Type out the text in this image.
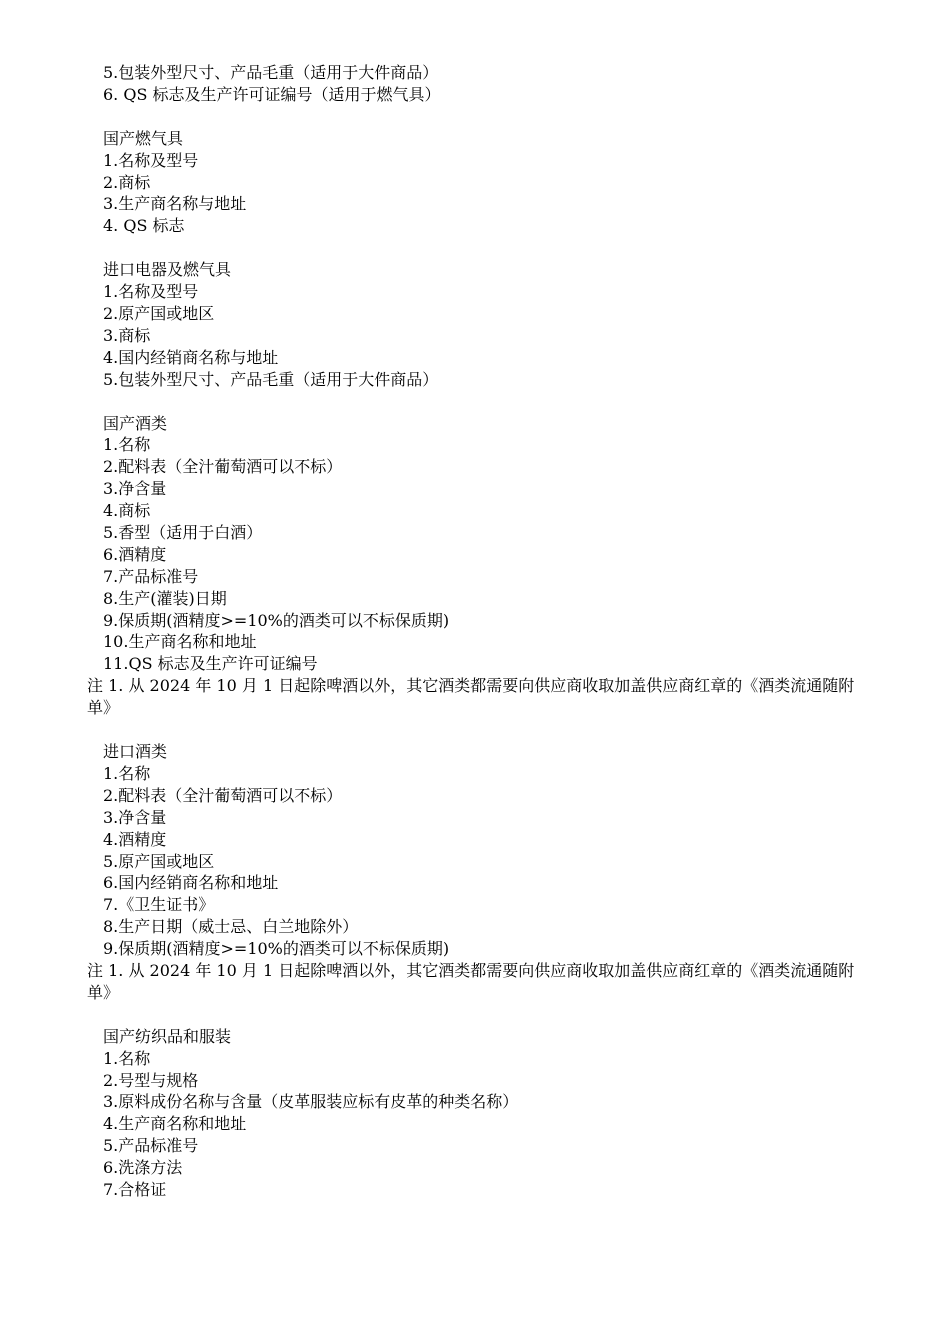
5.包装外型尺寸、产品毛重（适用于大件商品）
6. QS 标志及生产许可证编号（适用于燃气具）
国产燃气具
1.名称及型号
2.商标
3.生产商名称与地址
4. QS 标志
进口电器及燃气具
1.名称及型号
2.原产国或地区
3.商标
4.国内经销商名称与地址
5.包装外型尺寸、产品毛重（适用于大件商品）
国产酒类
1.名称
2.配料表（全汁葡萄酒可以不标）
3.净含量
4.商标
5.香型（适用于白酒）
6.酒精度
7.产品标准号
8.生产(灌装)日期
9.保质期(酒精度>=10%的酒类可以不标保质期)
10.生产商名称和地址
11.QS 标志及生产许可证编号
注 1. 从 2024 年 10 月 1 日起除啤酒以外，其它酒类都需要向供应商收取加盖供应商红章的《酒类流通随附单》
进口酒类
1.名称
2.配料表（全汁葡萄酒可以不标）
3.净含量
4.酒精度
5.原产国或地区
6.国内经销商名称和地址
7.《卫生证书》
8.生产日期（威士忌、白兰地除外）
9.保质期(酒精度>=10%的酒类可以不标保质期)
注 1. 从 2024 年 10 月 1 日起除啤酒以外，其它酒类都需要向供应商收取加盖供应商红章的《酒类流通随附单》
国产纺织品和服装
1.名称
2.号型与规格
3.原料成份名称与含量（皮革服装应标有皮革的种类名称）
4.生产商名称和地址
5.产品标准号
6.洗涤方法
7.合格证
